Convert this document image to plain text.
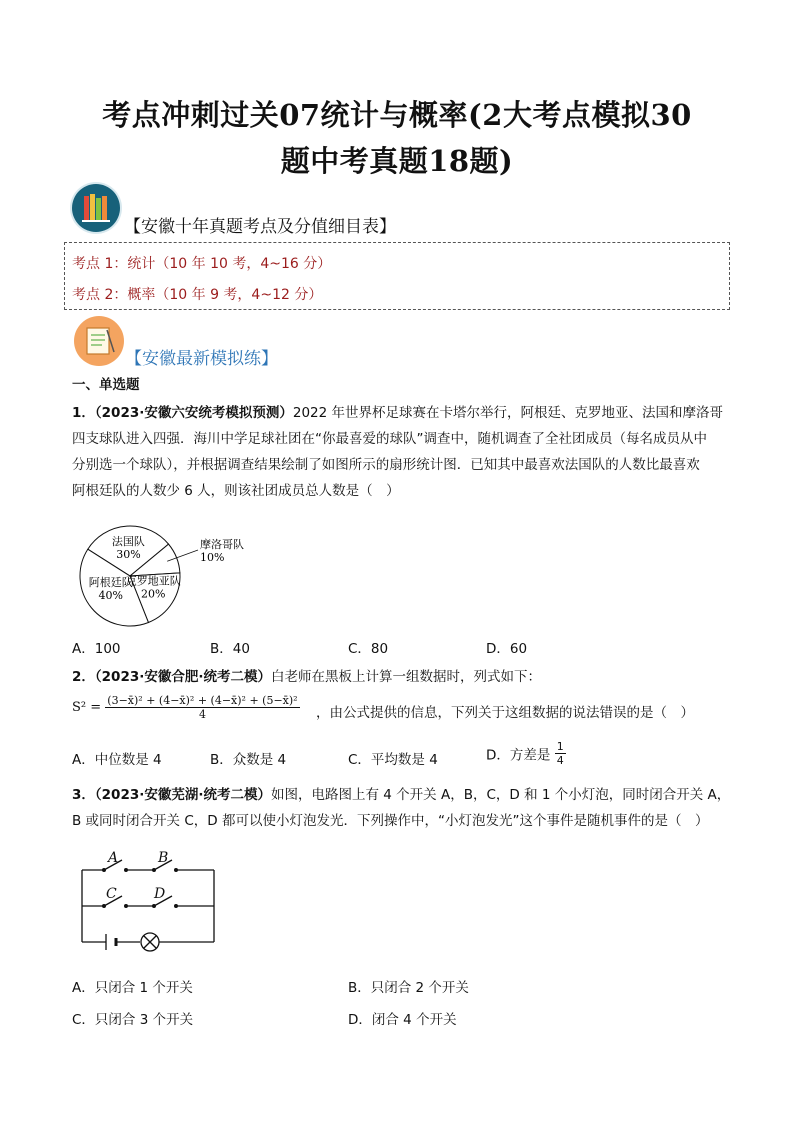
考点冲刺过关07统计与概率(2大考点模拟30
题中考真题18题)
【安徽十年真题考点及分值细目表】
考点 1：统计（10 年 10 考，4~16 分）
考点 2：概率（10 年 9 考，4~12 分）
【安徽最新模拟练】
一、单选题
1．（2023·安徽六安统考模拟预测）2022 年世界杯足球赛在卡塔尔举行，阿根廷、克罗地亚、法国和摩洛哥
四支球队进入四强．海川中学足球社团在“你最喜爱的球队”调查中，随机调查了全社团成员（每名成员从中
分别选一个球队），并根据调查结果绘制了如图所示的扇形统计图．已知其中最喜欢法国队的人数比最喜欢
阿根廷队的人数少 6 人，则该社团成员总人数是（　）
法国队
30%
摩洛哥队
10%
克罗地亚队
20%
阿根廷队
40%
A．100	B．40	C．80	D．60
2．（2023·安徽合肥·统考二模）白老师在黑板上计算一组数据时，列式如下：
$S^2 = \frac{\text{(3−x̄)² + (4−x̄)² + (4−x̄)² + (5−x̄)²}}{4}$ ，由公式提供的信息，下列关于这组数据的说法错误的是（　）
A．中位数是 4	B．众数是 4	C．平均数是 4	D．方差是 $\frac{1}{4}$
3．（2023·安徽芜湖·统考二模）如图，电路图上有 4 个开关 A，B，C，D 和 1 个小灯泡，同时闭合开关 A，
B 或同时闭合开关 C，D 都可以使小灯泡发光．下列操作中，“小灯泡发光”这个事件是随机事件的是（　）
A	B
C	D
A．只闭合 1 个开关	B．只闭合 2 个开关
C．只闭合 3 个开关	D．闭合 4 个开关
